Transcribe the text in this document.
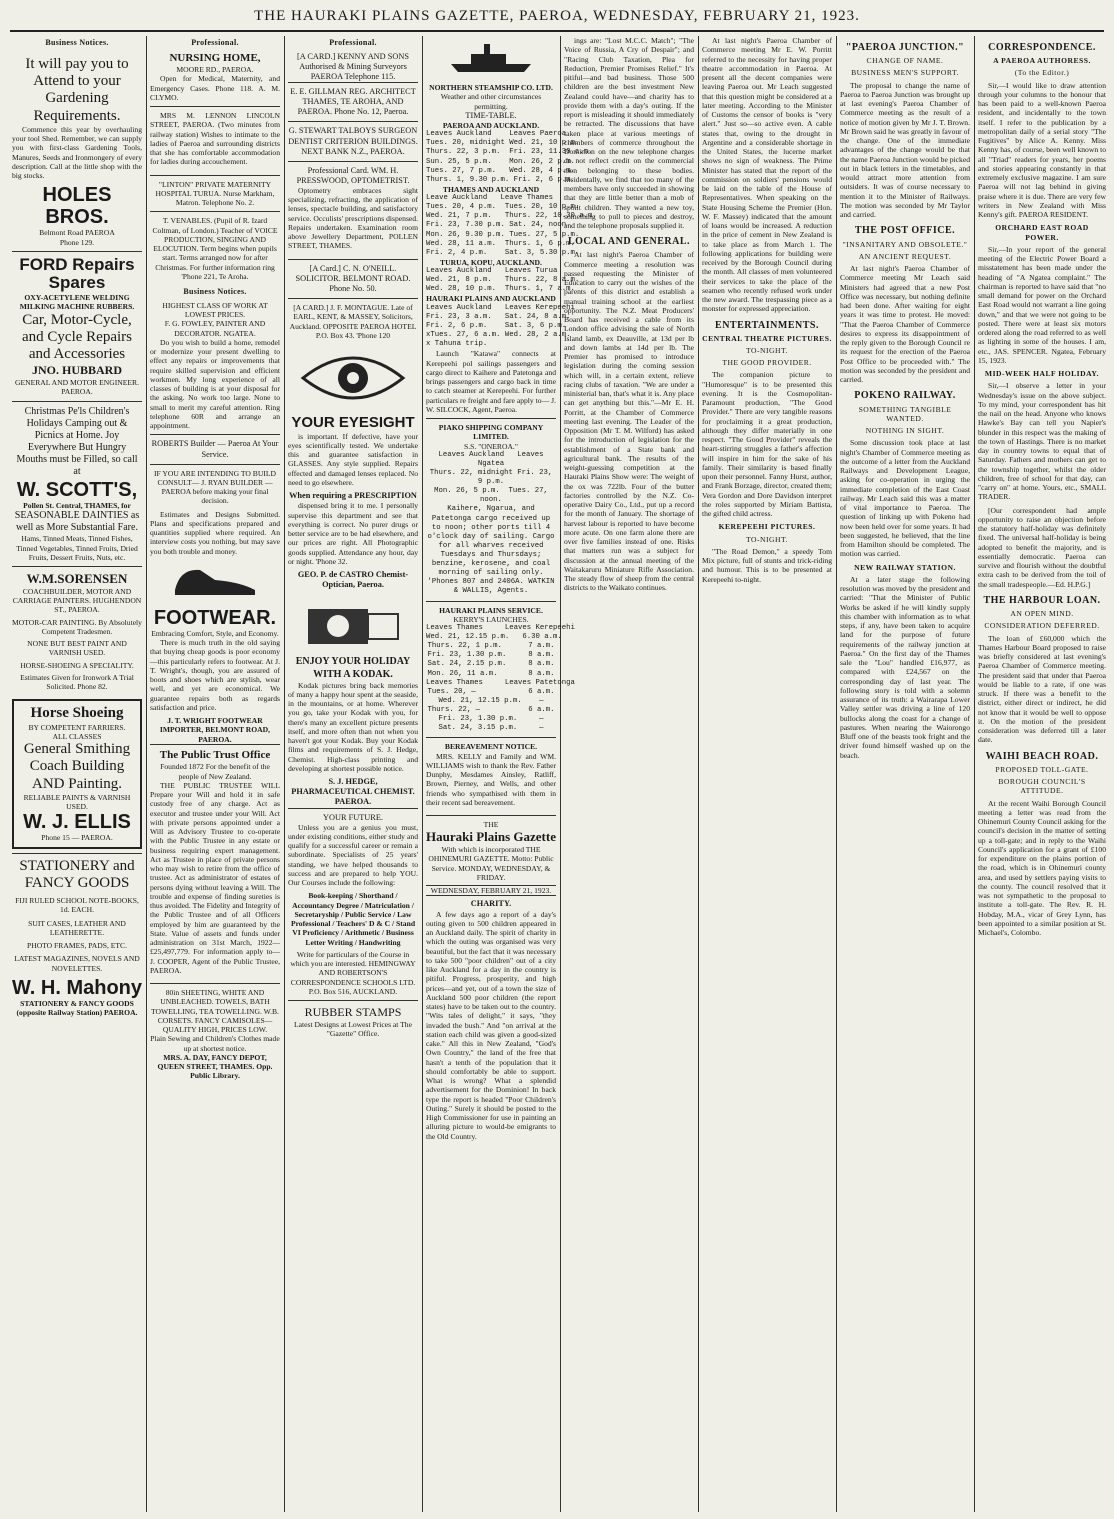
THE HAURAKI PLAINS GAZETTE, PAEROA, WEDNESDAY, FEBRUARY 21, 1923.
Business Notices.
It will pay you to Attend to your Gardening Requirements.

Commence this year by overhauling your tool Shed. Remember, we can supply you with first-class Gardening Tools, Manures, Seeds and Ironmongery of every description. Call at the little shop with the big stocks.

HOLES BROS.
Belmont Road PAEROA
Phone 129.
FORD Repairs Spares
OXY-ACETYLENE WELDING
MILKING MACHINE RUBBERS.
Car, Motor-Cycle, and Cycle Repairs and Accessories
JNO. HUBBARD
GENERAL AND MOTOR ENGINEER. PAEROA.
Christmas Pe'ls Children's Holidays Camping out & Picnics at Home. Joy Everywhere But Hungry Mouths must be Filled, so call at
W. SCOTT'S,
Pollen St. Central, THAMES, for
SEASONABLE DAINTIES as well as More Substantial Fare.
Hams, Tinned Meats, Tinned Fishes, Tinned Vegetables, Tinned Fruits, Dried Fruits, Dessert Fruits, Nuts, etc.
W.M.SORENSEN
COACHBUILDER, MOTOR AND CARRIAGE PAINTERS. HUGHENDON ST., PAEROA.
MOTOR-CAR PAINTING. By Absolutely Competent Tradesmen.
NONE BUT BEST PAINT AND VARNISH USED.
HORSE-SHOEING A SPECIALITY.
Estimates Given for Ironwork A Trial Solicited. Phone 82.
Horse Shoeing
BY COMPETENT FARRIERS.
ALL CLASSES
General Smithing
Coach Building AND Painting.
RELIABLE PAINTS & VARNISH USED.
W. J. ELLIS
Phone 15 — PAEROA.
STATIONERY and FANCY GOODS
FIJI RULED SCHOOL NOTE-BOOKS, 1d. EACH.
SUIT CASES, LEATHER AND LEATHERETTE.
PHOTO FRAMES, PADS, ETC.
LATEST MAGAZINES, NOVELS AND NOVELETTES.
W. H. Mahony
STATIONERY & FANCY GOODS (opposite Railway Station) PAEROA.
Professional.
NURSING HOME,
MOORE RD., PAEROA.

Open for Medical, Maternity, and Emergency Cases. Phone 118. A. M. CLYMO.

MRS M. LENNON LINCOLN STREET, PAEROA. (Two minutes from railway station) Wishes to intimate to the ladies of Paeroa and surrounding districts that she has comfortable accommodation for ladies during accouchement.

"LINTON" PRIVATE MATERNITY HOSPITAL TURUA. Nurse Markham, Matron. Telephone No. 2.
T. VENABLES. (Pupil of R. Izard Coltman, of London.) Teacher of VOICE PRODUCTION, SINGING AND ELOCUTION. Term begins when pupils start. Terms arranged now for after Christmas. For further information ring 'Phone 221, Te Aroha.
Business Notices.
HIGHEST CLASS OF WORK AT LOWEST PRICES.
F. G. FOWLEY, PAINTER AND DECORATOR. NGATEA.

Do you wish to build a home, remodel or modernize your present dwelling to effect any repairs or improvements that require skilled supervision and efficient workmen. My long experience of all classes of building is at your disposal for the asking. No work too large. None to small to merit my careful attention. Ring telephone 60R and arrange an appointment.

ROBERTS Builder — Paeroa At Your Service.
IF YOU ARE INTENDING TO BUILD CONSULT— J. RYAN BUILDER — PAEROA before making your final decision.

Estimates and Designs Submitted. Plans and specifications prepared and quantities supplied where required. An interview costs you nothing, but may save you both trouble and money.

FOOTWEAR.
Embracing Comfort, Style, and Economy.

There is much truth in the old saying that buying cheap goods is poor economy—this particularly refers to footwear. At J. T. Wright's, though, you are assured of boots and shoes which are stylish, wear well, and yet are economical. We guarantee repairs both as regards satisfaction and price.

J. T. WRIGHT FOOTWEAR IMPORTER, BELMONT ROAD, PAEROA.
The Public Trust Office
Founded 1872 For the benefit of the people of New Zealand.

THE PUBLIC TRUSTEE WILL Prepare your Will and hold it in safe custody free of any charge. Act as executor and trustee under your Will. Act with private persons appointed under a Will as Advisory Trustee to co-operate with the Public Trustee in any estate or business requiring expert management. Act as Trustee in place of private persons who may wish to retire from the office of trustee. Act as administrator of estates of persons dying without leaving a Will. The trouble and expense of finding sureties is thus avoided. The Fidelity and Integrity of the Public Trustee and of all Officers employed by him are guaranteed by the State. Value of assets and funds under administration on 31st March, 1922—£25,497,779. For information apply to— J. COOPER, Agent of the Public Trustee, PAEROA.

80in SHEETING, WHITE AND UNBLEACHED. TOWELS, BATH TOWELLING, TEA TOWELLING. W.B. CORSETS. FANCY CAMISOLES—QUALITY HIGH, PRICES LOW.
Plain Sewing and Children's Clothes made up at shortest notice.
MRS. A. DAY, FANCY DEPOT, QUEEN STREET, THAMES. Opp. Public Library.
Professional.
[A CARD.] KENNY AND SONS Authorised & Mining Surveyors PAEROA Telephone 115.
E. E. GILLMAN REG. ARCHITECT THAMES, TE AROHA, AND PAEROA. Phone No. 12, Paeroa.
G. STEWART TALBOYS SURGEON DENTIST CRITERION BUILDINGS. NEXT BANK N.Z., PAEROA.
Professional Card. WM. H. PRESSWOOD, OPTOMETRIST.

Optometry embraces sight specializing, refracting, the application of lenses, spectacle building, and satisfactory service. Occulists' prescriptions dispensed. Repairs undertaken. Examination room above Jewellery Department, POLLEN STREET, THAMES.

[A Card.] C. N. O'NEILL. SOLICITOR. BELMONT ROAD. Phone No. 50.
[A CARD.] J. F. MONTAGUE. Late of EARL, KENT, & MASSEY, Solicitors, Auckland. OPPOSITE PAEROA HOTEL P.O. Box 43. 'Phone 120
YOUR EYESIGHT

is important. If defective, have your eyes scientifically tested. We undertake this and guarantee satisfaction in GLASSES. Any style supplied. Repairs effected and damaged lenses replaced. No need to go elsewhere.

When requiring a PRESCRIPTION

dispensed bring it to me. I personally supervise this department and see that everything is correct. No purer drugs or better service are to be had elsewhere, and our prices are right. All Photographic goods supplied. Attendance any hour, day or night. 'Phone 32.

GEO. P. de CASTRO Chemist-Optician, Paeroa.
ENJOY YOUR HOLIDAY WITH A KODAK.

Kodak pictures bring back memories of many a happy hour spent at the seaside, in the mountains, or at home. Wherever you go, take your Kodak with you, for there's many an excellent picture presents itself, and more often than not when you haven't got your Kodak. Buy your Kodak films and requirements of S. J. Hedge, Chemist. High-class printing and developing at shortest possible notice.

S. J. HEDGE, PHARMACEUTICAL CHEMIST. PAEROA.
YOUR FUTURE.

Unless you are a genius you must, under existing conditions, either study and qualify for a successful career or remain a subordinate. Specialists of 25 years' standing, we have helped thousands to success and are prepared to help YOU. Our Courses include the following:

Book-keeping / Shorthand / Accountancy Degree / Matriculation / Secretaryship / Public Service / Law Professional / Teachers' D & C / Stand VI Proficiency / Arithmetic / Business Letter Writing / Handwriting
Write for particulars of the Course in which you are interested. HEMINGWAY AND ROBERTSON'S CORRESPONDENCE SCHOOLS LTD. P.O. Box 516, AUCKLAND.
RUBBER STAMPS
Latest Designs at Lowest Prices at The "Gazette" Office.
NORTHERN STEAMSHIP CO. LTD.
Weather and other circumstances permitting.
TIME-TABLE.
PAEROA AND AUCKLAND.
Leaves Auckland    Leaves Paeroa
Tues. 20, midnight Wed. 21, 10 p.m.
Thurs. 22, 3 p.m.  Fri. 23, 11.30 a.m.
Sun. 25, 5 p.m.    Mon. 26, 2 p.m.
Tues. 27, 7 p.m.   Wed. 28, 4 p.m.
Thurs. 1, 9.30 p.m. Fri. 2, 6 p.m.
THAMES AND AUCKLAND
Leave Auckland   Leave Thames
Tues. 20, 4 p.m.  Tues. 20, 10 p.m.
Wed. 21, 7 p.m.   Thurs. 22, 10.30 a.m.
Fri. 23, 7.30 p.m. Sat. 24, noon.
Mon. 26, 9.30 p.m. Tues. 27, 5 p.m.
Wed. 28, 11 a.m.  Thurs. 1, 6 p.m.
Fri. 2, 4 p.m.    Sat. 3, 5.30 p.m.
TURUA, KOPU, AUCKLAND.
Leaves Auckland   Leaves Turua
Wed. 21, 8 p.m.   Thurs. 22, 8 a.m.
Wed. 28, 10 p.m.  Thurs. 1, 7 a.m.
HAURAKI PLAINS AND AUCKLAND
Leaves Auckland   Leaves Kerepeehi
Fri. 23, 3 a.m.   Sat. 24, 8 a.m.
Fri. 2, 6 p.m.    Sat. 3, 6 p.m.
xTues. 27, 6 a.m. Wed. 28, 2 a.m.
x Tahuna trip.

Launch "Katawa" connects at Kerepeehi pol sailings passengers and cargo direct to Kaihere and Patetonga and brings passengers and cargo back in time to catch steamer at Kerepeehi. For further particulars re freight and fare apply to— J. W. SILCOCK, Agent, Paeroa.

PIAKO SHIPPING COMPANY LIMITED.
S.S. "ONEROA."
Leaves Auckland   Leaves Ngatea
Thurs. 22, midnight Fri. 23, 9 p.m.
Mon. 26, 5 p.m.  Tues. 27, noon.
Kaihere, Ngarua, and Patetonga cargo received up to noon; other ports till 4 o'clock day of sailing. Cargo for all wharves received Tuesdays and Thursdays; benzine, kerosene, and coal morning of sailing only. 'Phones 807 and 2406A. WATKIN & WALLIS, Agents.
HAURAKI PLAINS SERVICE.
KERRY'S LAUNCHES.
Leaves Thames     Leaves Kerepeehi
Wed. 21, 12.15 p.m.   6.30 a.m.
Thurs. 22, 1 p.m.      7 a.m.
Fri. 23, 1.30 p.m.     8 a.m.
Sat. 24, 2.15 p.m.     8 a.m.
Mon. 26, 11 a.m.       8 a.m.
Leaves Thames     Leaves Patetonga
Tues. 20, —            6 a.m.
Wed. 21, 12.15 p.m.    —
Thurs. 22, —           6 a.m.
Fri. 23, 1.30 p.m.     —
Sat. 24, 3.15 p.m.     —
BEREAVEMENT NOTICE.

MRS. KELLY and Family and WM. WILLIAMS wish to thank the Rev. Father Dunphy, Mesdames Ainsley, Ratliff, Brown, Pierney, and Wells, and other friends who sympathised with them in their recent sad bereavement.

THE
Hauraki Plains Gazette
With which is incorporated THE OHINEMURI GAZETTE. Motto: Public Service. MONDAY, WEDNESDAY, & FRIDAY.
WEDNESDAY, FEBRUARY 21, 1923.
CHARITY.

A few days ago a report of a day's outing given to 500 children appeared in an Auckland daily. The spirit of charity in which the outing was organised was very beautiful, but the fact that it was necessary to take 500 "poor children" out of a city like Auckland for a day in the country is pitiful. Progress, prosperity, and high prices—and yet, out of a town the size of Auckland 500 poor children (the report states) have to be taken out to the country. "Wits tales of delight," it says, "they invaded the bush." And "on arrival at the station each child was given a good-sized cake." All this in New Zealand, "God's Own Country," the land of the free that hasn't a tenth of the population that it should comfortably be able to support. What is wrong? What a splendid advertisement for the Dominion! In back type the report is headed "Poor Children's Outing." Surely it should be posted to the High Commissioner for use in painting an alluring picture to would-be emigrants to the Old Country.

ings are: "Lost M.C.C. Match"; "The Voice of Russia, A Cry of Despair"; and "Racing Club Taxation, Plea for Reduction, Premier Promises Relief." It's pitiful—and bad business. Those 500 children are the best investment New Zealand could have—and charity has to provide them with a day's outing. If the report is misleading it should immediately be retracted. The discussions that have taken place at various meetings of chambers of commerce throughout the Dominion on the new telephone charges do not reflect credit on the commercial men belonging to these bodies. Incidentally, we find that too many of the members have only succeeded in showing that they are little better than a mob of spoilt children. They wanted a new toy, something to pull to pieces and destroy, and the telephone proposals supplied it.

LOCAL AND GENERAL.

At last night's Paeroa Chamber of Commerce meeting a resolution was passed requesting the Minister of Education to carry out the wishes of the parents of this district and establish a manual training school at the earliest opportunity. The N.Z. Meat Producers' Board has received a cable from its London office advising the sale of North Island lamb, ex Deauville, at 13d per lb and down lambs at 14d per lb. The Premier has promised to introduce legislation during the coming session which will, in a certain extent, relieve racing clubs of taxation. "We are under a ministerial ban, that's what it is. Any place can get anything but this."—Mr E. H. Porritt, at the Chamber of Commerce meeting last evening. The Leader of the Opposition (Mr T. M. Wilford) has asked for the introduction of legislation for the establishment of a State bank and agricultural bank. The results of the weight-guessing competition at the Hauraki Plains Show were: The weight of the ox was 722lb. Four of the butter factories controlled by the N.Z. Co-operative Dairy Co., Ltd., put up a record for the month of January. The shortage of harvest labour is reported to have become more acute. On one farm alone there are over five families instead of one. Risks that matters run was a subject for discussion at the annual meeting of the Waitakaruru Miniature Rifle Association. The steady flow of sheep from the central districts to the Waikato continues.

At last night's Paeroa Chamber of Commerce meeting Mr E. W. Porritt referred to the necessity for having proper theatre accommodation in Paeroa. At present all the decent companies were leaving Paeroa out. Mr Leach suggested that this question might be considered at a later meeting. According to the Minister of Customs the censor of books is "very alert." Just so—so active even. A cable states that, owing to the drought in Argentine and a considerable shortage in the United States, the lucerne market shows no sign of weakness. The Prime Minister has stated that the report of the commission on soldiers' pensions would be laid on the table of the House of Representatives. When speaking on the State Housing Scheme the Premier (Hon. W. F. Massey) indicated that the amount of loans would be increased. A reduction in the price of cement in New Zealand is to take place as from March 1. The following applications for building were received by the Borough Council during the month. All classes of men volunteered their services to take the place of the seamen who recently refused work under the new award. The trespassing piece as a monster for expressed appreciation.

ENTERTAINMENTS.
CENTRAL THEATRE PICTURES.
TO-NIGHT.
THE GOOD PROVIDER.

The companion picture to "Humoresque" is to be presented this evening. It is the Cosmopolitan-Paramount production, "The Good Provider." There are very tangible reasons for proclaiming it a great production, although they differ materially in one respect. "The Good Provider" reveals the heart-stirring struggles a father's affection will inspire in him for the sake of his family. Their similarity is based finally upon their personnel. Fanny Hurst, author, and Frank Borzage, director, created them; Vera Gordon and Dore Davidson interpret the roles supported by Miriam Battista, the gifted child actress.

KEREPEEHI PICTURES.
TO-NIGHT.

"The Road Demon," a speedy Tom Mix picture, full of stunts and trick-riding and humour. This is to be presented at Kerepeehi to-night.

"PAEROA JUNCTION."
CHANGE OF NAME.
BUSINESS MEN'S SUPPORT.

The proposal to change the name of Paeroa to Paeroa Junction was brought up at last evening's Paeroa Chamber of Commerce meeting as the result of a notice of motion given by Mr J. T. Brown. Mr Brown said he was greatly in favour of the change. One of the immediate advantages of the change would be that the name Paeroa Junction would be picked out in black letters in the timetables, and would attract more attention from outsiders. It was of course necessary to mention it to the Minister of Railways. The motion was seconded by Mr Taylor and carried.

THE POST OFFICE.
"INSANITARY AND OBSOLETE."
AN ANCIENT REQUEST.

At last night's Paeroa Chamber of Commerce meeting Mr Leach said Ministers had agreed that a new Post Office was necessary, but nothing definite had been done. After waiting for eight years it was time to protest. He moved: "That the Paeroa Chamber of Commerce desires to express its disappointment of the reply given to the Borough Council re its request for the erection of the Paeroa Post Office to be proceeded with." The motion was seconded by the president and carried.

POKENO RAILWAY.
SOMETHING TANGIBLE WANTED.
NOTHING IN SIGHT.

Some discussion took place at last night's Chamber of Commerce meeting as the outcome of a letter from the Auckland Railways and Development League, asking for co-operation in urging the immediate completion of the East Coast railway. Mr Leach said this was a matter of vital importance to Paeroa. The question of linking up with Pokeno had now been held over for some years. It had been suggested, he believed, that the line from Hamilton should be completed. The motion was carried.

NEW RAILWAY STATION.

At a later stage the following resolution was moved by the president and carried: "That the Minister of Public Works be asked if he will kindly supply this chamber with information as to what steps, if any, have been taken to acquire land for the purpose of future requirements of the railway junction at Paeroa." On the first day of the Thames sale the "Lou" handled £16,977, as compared with £24,567 on the corresponding day of last year. The following story is told with a solemn assurance of its truth: a Wairarapa Lower Valley settler was driving a line of 120 bullocks along the coast for a change of pastures. When nearing the Waiorongo Bluff one of the beasts took fright and the driver found himself washed up on the beach.

CORRESPONDENCE.
A PAEROA AUTHORESS.
(To the Editor.)

Sir,—I would like to draw attention through your columns to the honour that has been paid to a well-known Paeroa resident, and incidentally to the town itself. I refer to the publication by a metropolitan daily of a serial story "The Fugitives" by Alice A. Kenny. Miss Kenny has, of course, been well known to all "Triad" readers for years, her poems and stories appearing constantly in that extremely exclusive magazine. I am sure Paeroa will not lag behind in giving praise where it is due. There are very few writers in New Zealand with Miss Kenny's gift. PAEROA RESIDENT.

ORCHARD EAST ROAD POWER.

Sir,—In your report of the general meeting of the Electric Power Board a misstatement has been made under the heading of "A Ngatea complaint." The chairman is reported to have said that "no small demand for power on the Orchard East Road would not warrant a line going down," and that we were not going to be posted. There were at least six motors ordered along the road referred to as well as lighting in some of the houses. I am, etc., JAS. SPENCER. Ngatea, February 15, 1923.

MID-WEEK HALF HOLIDAY.

Sir,—I observe a letter in your Wednesday's issue on the above subject. To my mind, your correspondent has hit the nail on the head. Anyone who knows Hawke's Bay can tell you Napier's blunder in this respect was the making of the town of Hastings. There is no market day in country towns to equal that of Saturday. Fathers and mothers can get to the township together, whilst the older children, free of school for that day, can "carry on" at home. Yours, etc., SMALL TRADER.

[Our correspondent had ample opportunity to raise an objection before the statutory half-holiday was definitely fixed. The universal half-holiday is being adopted to benefit the majority, and is essentially democratic. Paeroa can survive and flourish without the doubtful extra cash to be derived from the toil of the small tradespeople.—Ed. H.P.G.]

THE HARBOUR LOAN.
AN OPEN MIND.
CONSIDERATION DEFERRED.

The loan of £60,000 which the Thames Harbour Board proposed to raise was briefly considered at last evening's Paeroa Chamber of Commerce meeting. The president said that under that Paeroa would be liable to a rate, if one was struck. If there was a benefit to the district, either direct or indirect, he did not know that it would be well to oppose it. On the motion of the president consideration was deferred till a later date.

WAIHI BEACH ROAD.
PROPOSED TOLL-GATE.
BOROUGH COUNCIL'S ATTITUDE.

At the recent Waihi Borough Council meeting a letter was read from the Ohinemuri County Council asking for the council's decision in the matter of setting up a toll-gate; and in reply to the Waihi Council's application for a grant of £100 for expenditure on the plains portion of the road, which is in Ohinemuri county area, and used by settlers paying visits to the county. The council resolved that it was not sympathetic to the proposal to institute a toll-gate. The Rev. R. H. Hobday, M.A., vicar of Grey Lynn, has been appointed to a similar position at St. Michael's, Colombo.
